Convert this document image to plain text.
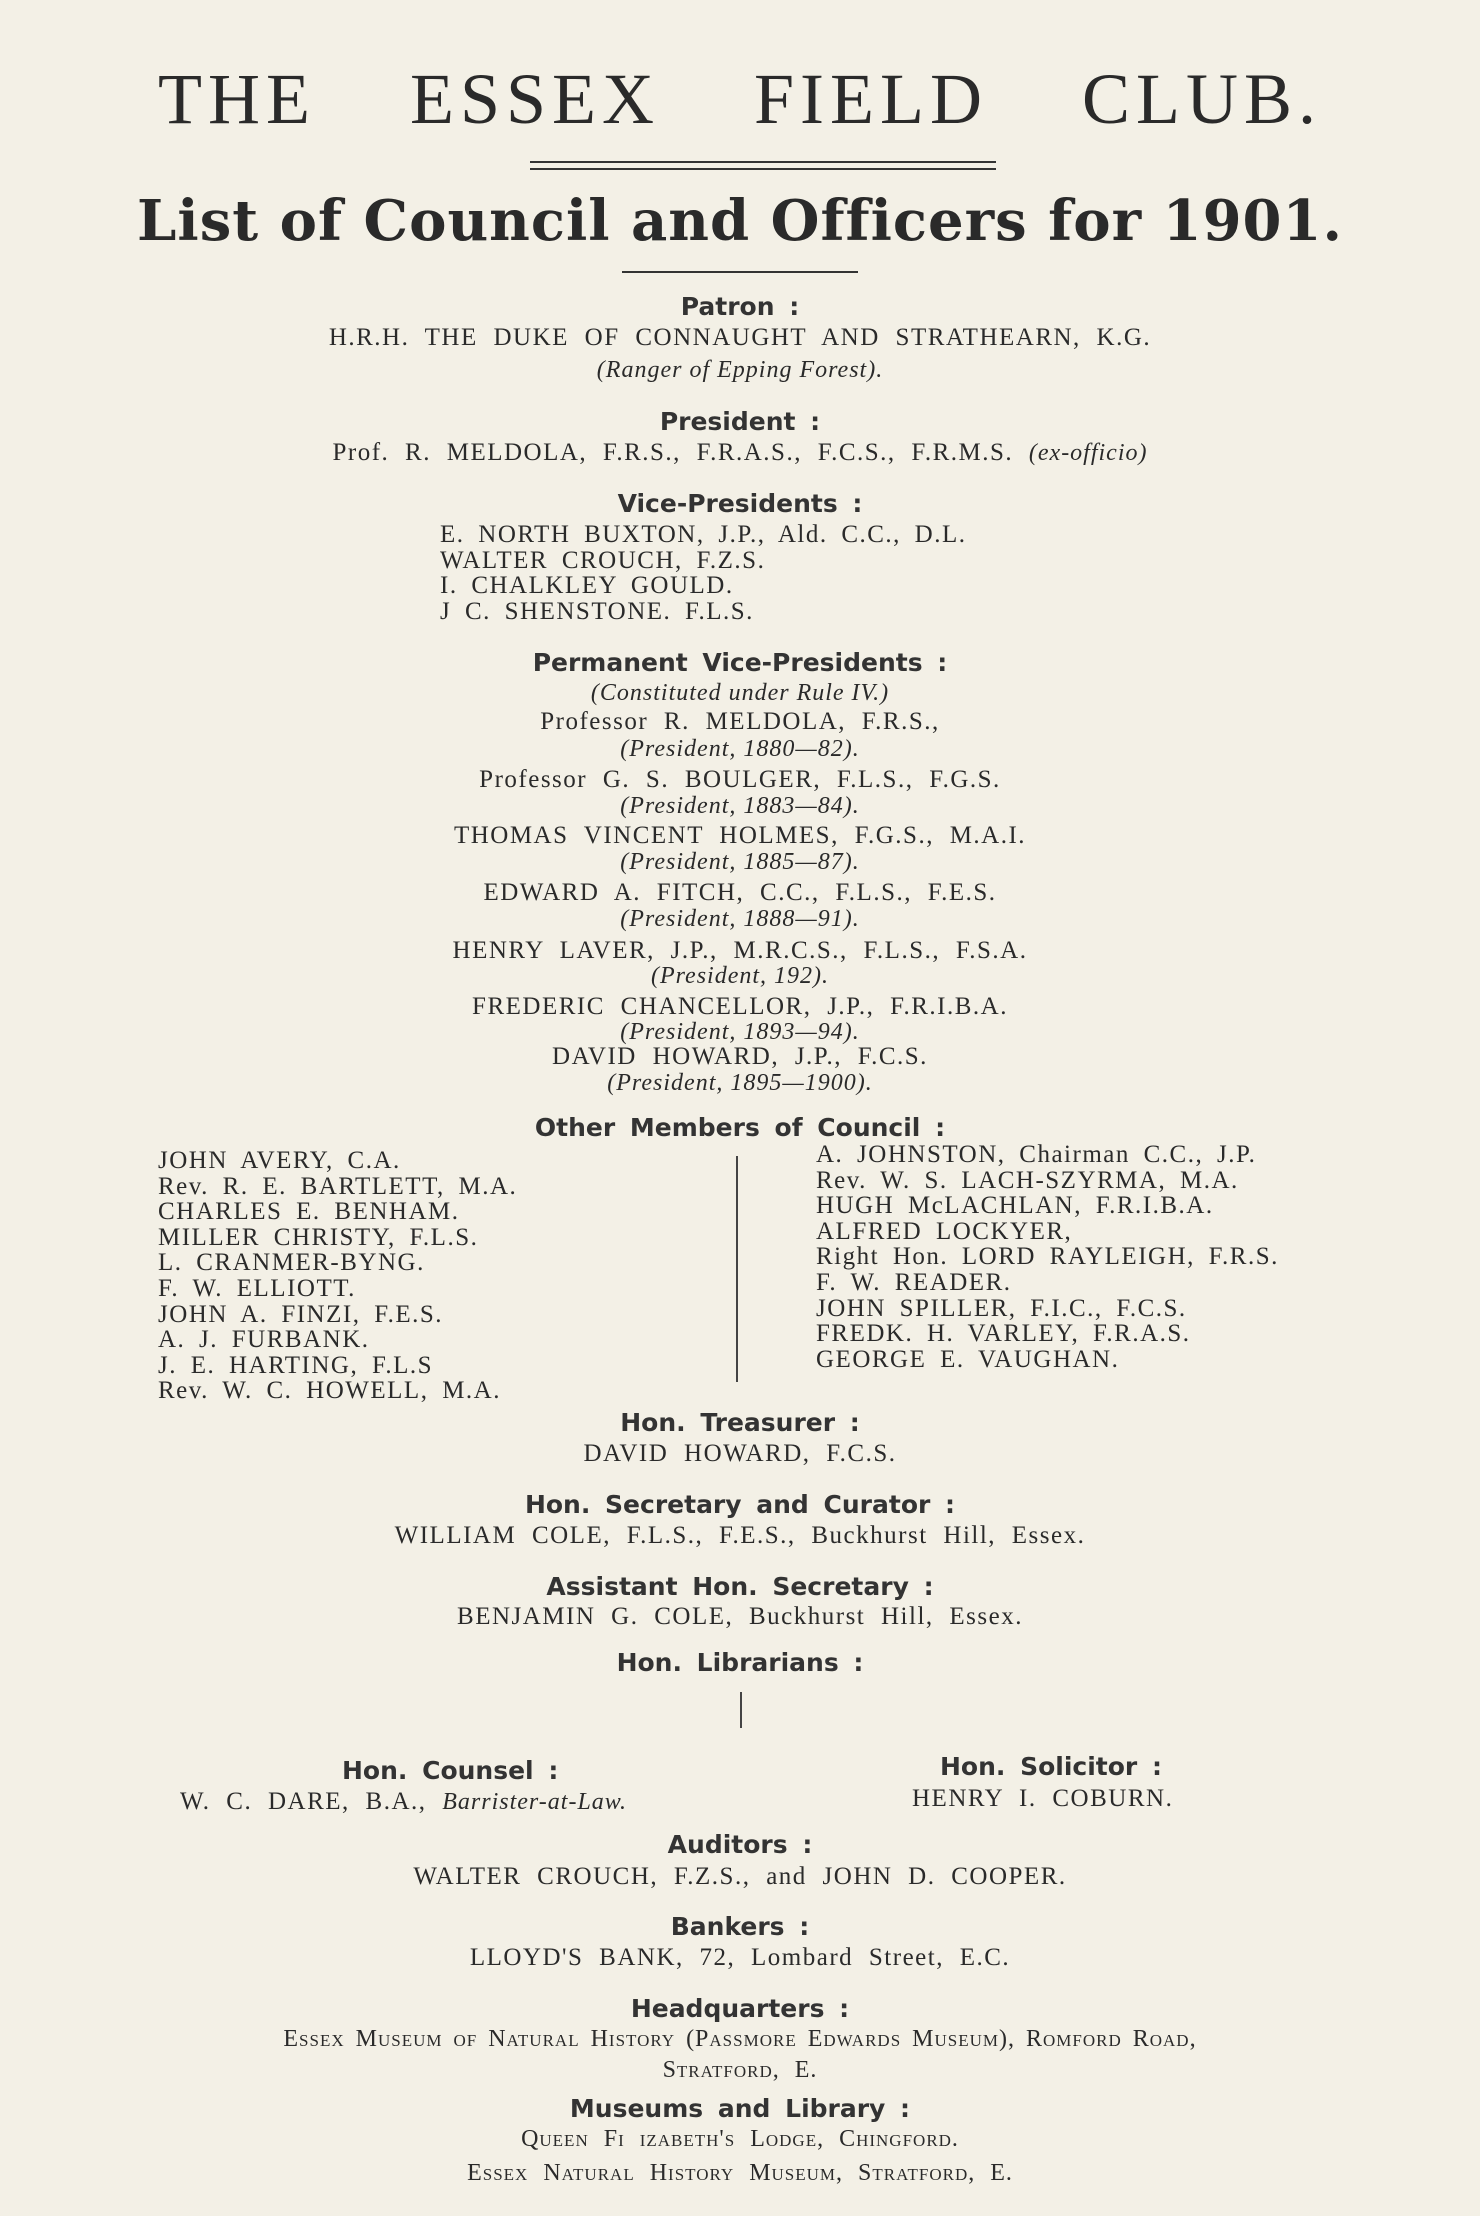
THE ESSEX FIELD CLUB.
List of Council and Officers for 1901.
Patron :
H.R.H. THE DUKE OF CONNAUGHT AND STRATHEARN, K.G.
(Ranger of Epping Forest).
President :
Prof. R. MELDOLA, F.R.S., F.R.A.S., F.C.S., F.R.M.S. (ex-officio)
Vice-Presidents :
E. NORTH BUXTON, J.P., Ald. C.C., D.L.
WALTER CROUCH, F.Z.S.
I. CHALKLEY GOULD.
J C. SHENSTONE. F.L.S.
Permanent Vice-Presidents :
(Constituted under Rule IV.)
Professor R. MELDOLA, F.R.S.,
(President, 1880—82).
Professor G. S. BOULGER, F.L.S., F.G.S.
(President, 1883—84).
THOMAS VINCENT HOLMES, F.G.S., M.A.I.
(President, 1885—87).
EDWARD A. FITCH, C.C., F.L.S., F.E.S.
(President, 1888—91).
HENRY LAVER, J.P., M.R.C.S., F.L.S., F.S.A.
(President, 192).
FREDERIC CHANCELLOR, J.P., F.R.I.B.A.
(President, 1893—94).
DAVID HOWARD, J.P., F.C.S.
(President, 1895—1900).
Other Members of Council :
JOHN AVERY, C.A.
Rev. R. E. BARTLETT, M.A.
CHARLES E. BENHAM.
MILLER CHRISTY, F.L.S.
L. CRANMER-BYNG.
F. W. ELLIOTT.
JOHN A. FINZI, F.E.S.
A. J. FURBANK.
J. E. HARTING, F.L.S
Rev. W. C. HOWELL, M.A.
A. JOHNSTON, Chairman C.C., J.P.
Rev. W. S. LACH-SZYRMA, M.A.
HUGH McLACHLAN, F.R.I.B.A.
ALFRED LOCKYER,
Right Hon. LORD RAYLEIGH, F.R.S.
F. W. READER.
JOHN SPILLER, F.I.C., F.C.S.
FREDK. H. VARLEY, F.R.A.S.
GEORGE E. VAUGHAN.
Hon. Treasurer :
DAVID HOWARD, F.C.S.
Hon. Secretary and Curator :
WILLIAM COLE, F.L.S., F.E.S., Buckhurst Hill, Essex.
Assistant Hon. Secretary :
BENJAMIN G. COLE, Buckhurst Hill, Essex.
Hon. Librarians :
Hon. Counsel :
W. C. DARE, B.A., Barrister-at-Law.
Hon. Solicitor :
HENRY I. COBURN.
Auditors :
WALTER CROUCH, F.Z.S., and JOHN D. COOPER.
Bankers :
LLOYD'S BANK, 72, Lombard Street, E.C.
Headquarters :
Essex Museum of Natural History (Passmore Edwards Museum), Romford Road,
Stratford, E.
Museums and Library :
Queen Fi izabeth's Lodge, Chingford.
Essex Natural History Museum, Stratford, E.
